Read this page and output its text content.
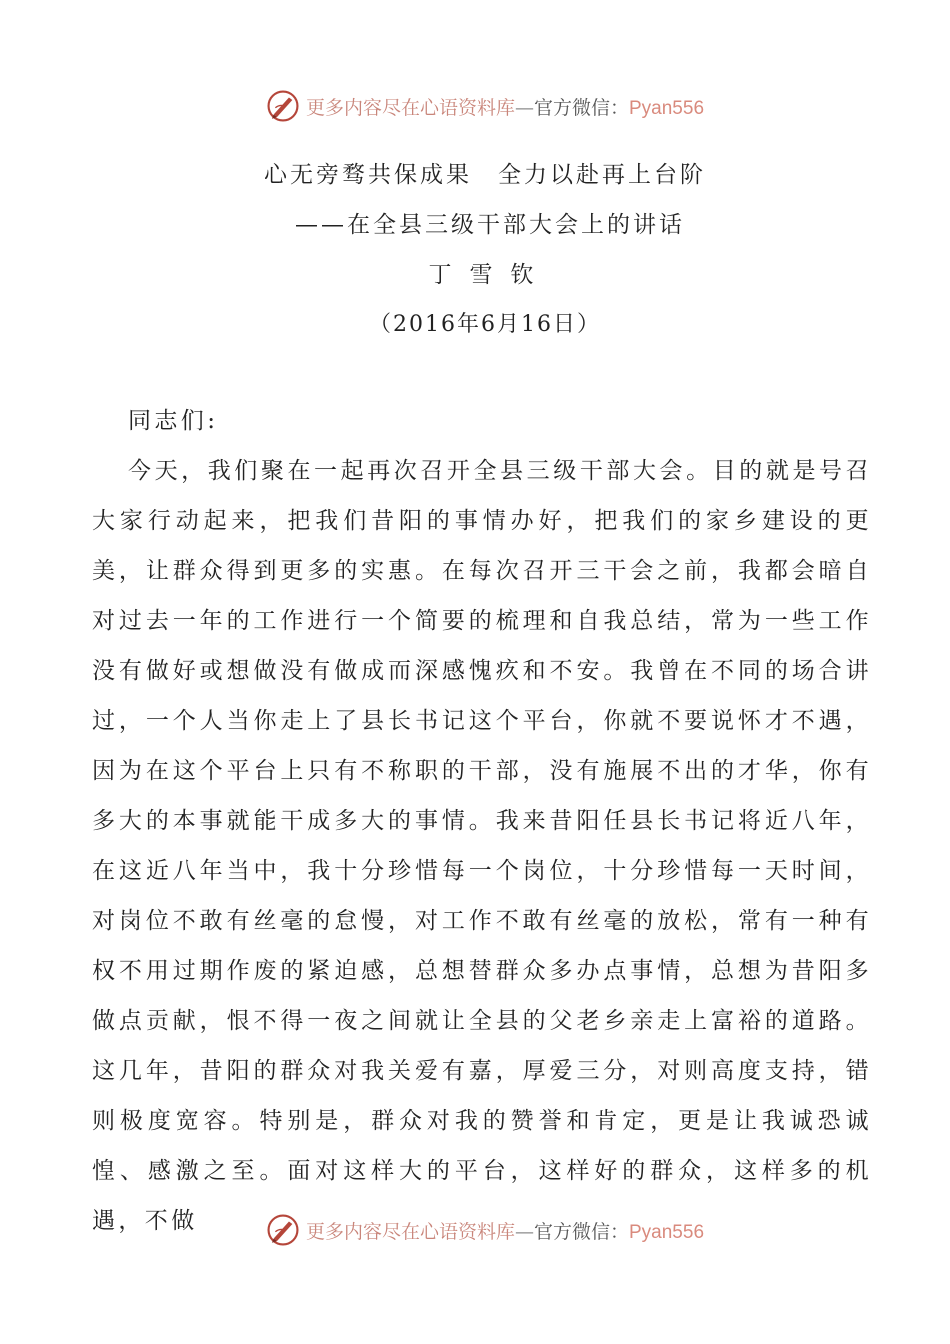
更多内容尽在心语资料库—官方微信：Pyan556
心无旁骛共保成果　全力以赴再上台阶
——在全县三级干部大会上的讲话
丁雪钦
（2016年6月16日）
同志们:

今天，我们聚在一起再次召开全县三级干部大会。目的就是号召大家行动起来，把我们昔阳的事情办好，把我们的家乡建设的更美，让群众得到更多的实惠。在每次召开三干会之前，我都会暗自对过去一年的工作进行一个简要的梳理和自我总结，常为一些工作没有做好或想做没有做成而深感愧疚和不安。我曾在不同的场合讲过，一个人当你走上了县长书记这个平台，你就不要说怀才不遇，因为在这个平台上只有不称职的干部，没有施展不出的才华，你有多大的本事就能干成多大的事情。我来昔阳任县长书记将近八年，在这近八年当中，我十分珍惜每一个岗位，十分珍惜每一天时间，对岗位不敢有丝毫的怠慢，对工作不敢有丝毫的放松，常有一种有权不用过期作废的紧迫感，总想替群众多办点事情，总想为昔阳多做点贡献，恨不得一夜之间就让全县的父老乡亲走上富裕的道路。这几年，昔阳的群众对我关爱有嘉，厚爱三分，对则高度支持，错则极度宽容。特别是，群众对我的赞誉和肯定，更是让我诚恐诚惶、感激之至。面对这样大的平台，这样好的群众，这样多的机遇，不做	更多内容尽在心语资料库—官方微信：Pyan556
